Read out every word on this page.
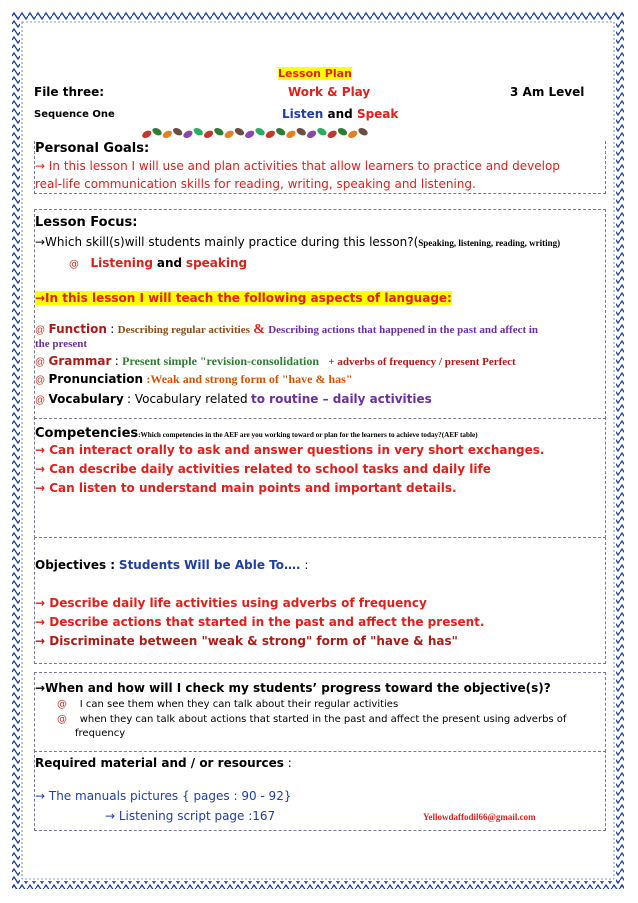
Lesson Plan
File three:	Work & Play	3 Am Level
Sequence One	Listen and Speak
Personal Goals:
→ In this lesson I will use and plan activities that allow learners to practice and develop
real-life communication skills for reading, writing, speaking and listening.
Lesson Focus:
→Which skill(s)will students mainly practice during this lesson?(Speaking, listening, reading, writing)
@ Listening and speaking
→In this lesson I will teach the following aspects of language:
@ Function : Describing regular activities & Describing actions that happened in the past and affect in
the present
@ Grammar : Present simple "revision-consolidation + adverbs of frequency / present Perfect
@ Pronunciation :Weak and strong form of "have & has"
@ Vocabulary : Vocabulary related to routine – daily activities
Competencies:Which competencies in the AEF are you working toward or plan for the learners to achieve today?(AEF table)
→ Can interact orally to ask and answer questions in very short exchanges.
→ Can describe daily activities related to school tasks and daily life
→ Can listen to understand main points and important details.
Objectives : Students Will be Able To…. :
→ Describe daily life activities using adverbs of frequency
→ Describe actions that started in the past and affect the present.
→ Discriminate between "weak & strong" form of "have & has"
→When and how will I check my students’ progress toward the objective(s)?
@ I can see them when they can talk about their regular activities
@ when they can talk about actions that started in the past and affect the present using adverbs of
frequency
Required material and / or resources :
→ The manuals pictures { pages : 90 - 92}
→ Listening script page :167	Yellowdaffodil66@gmail.com
